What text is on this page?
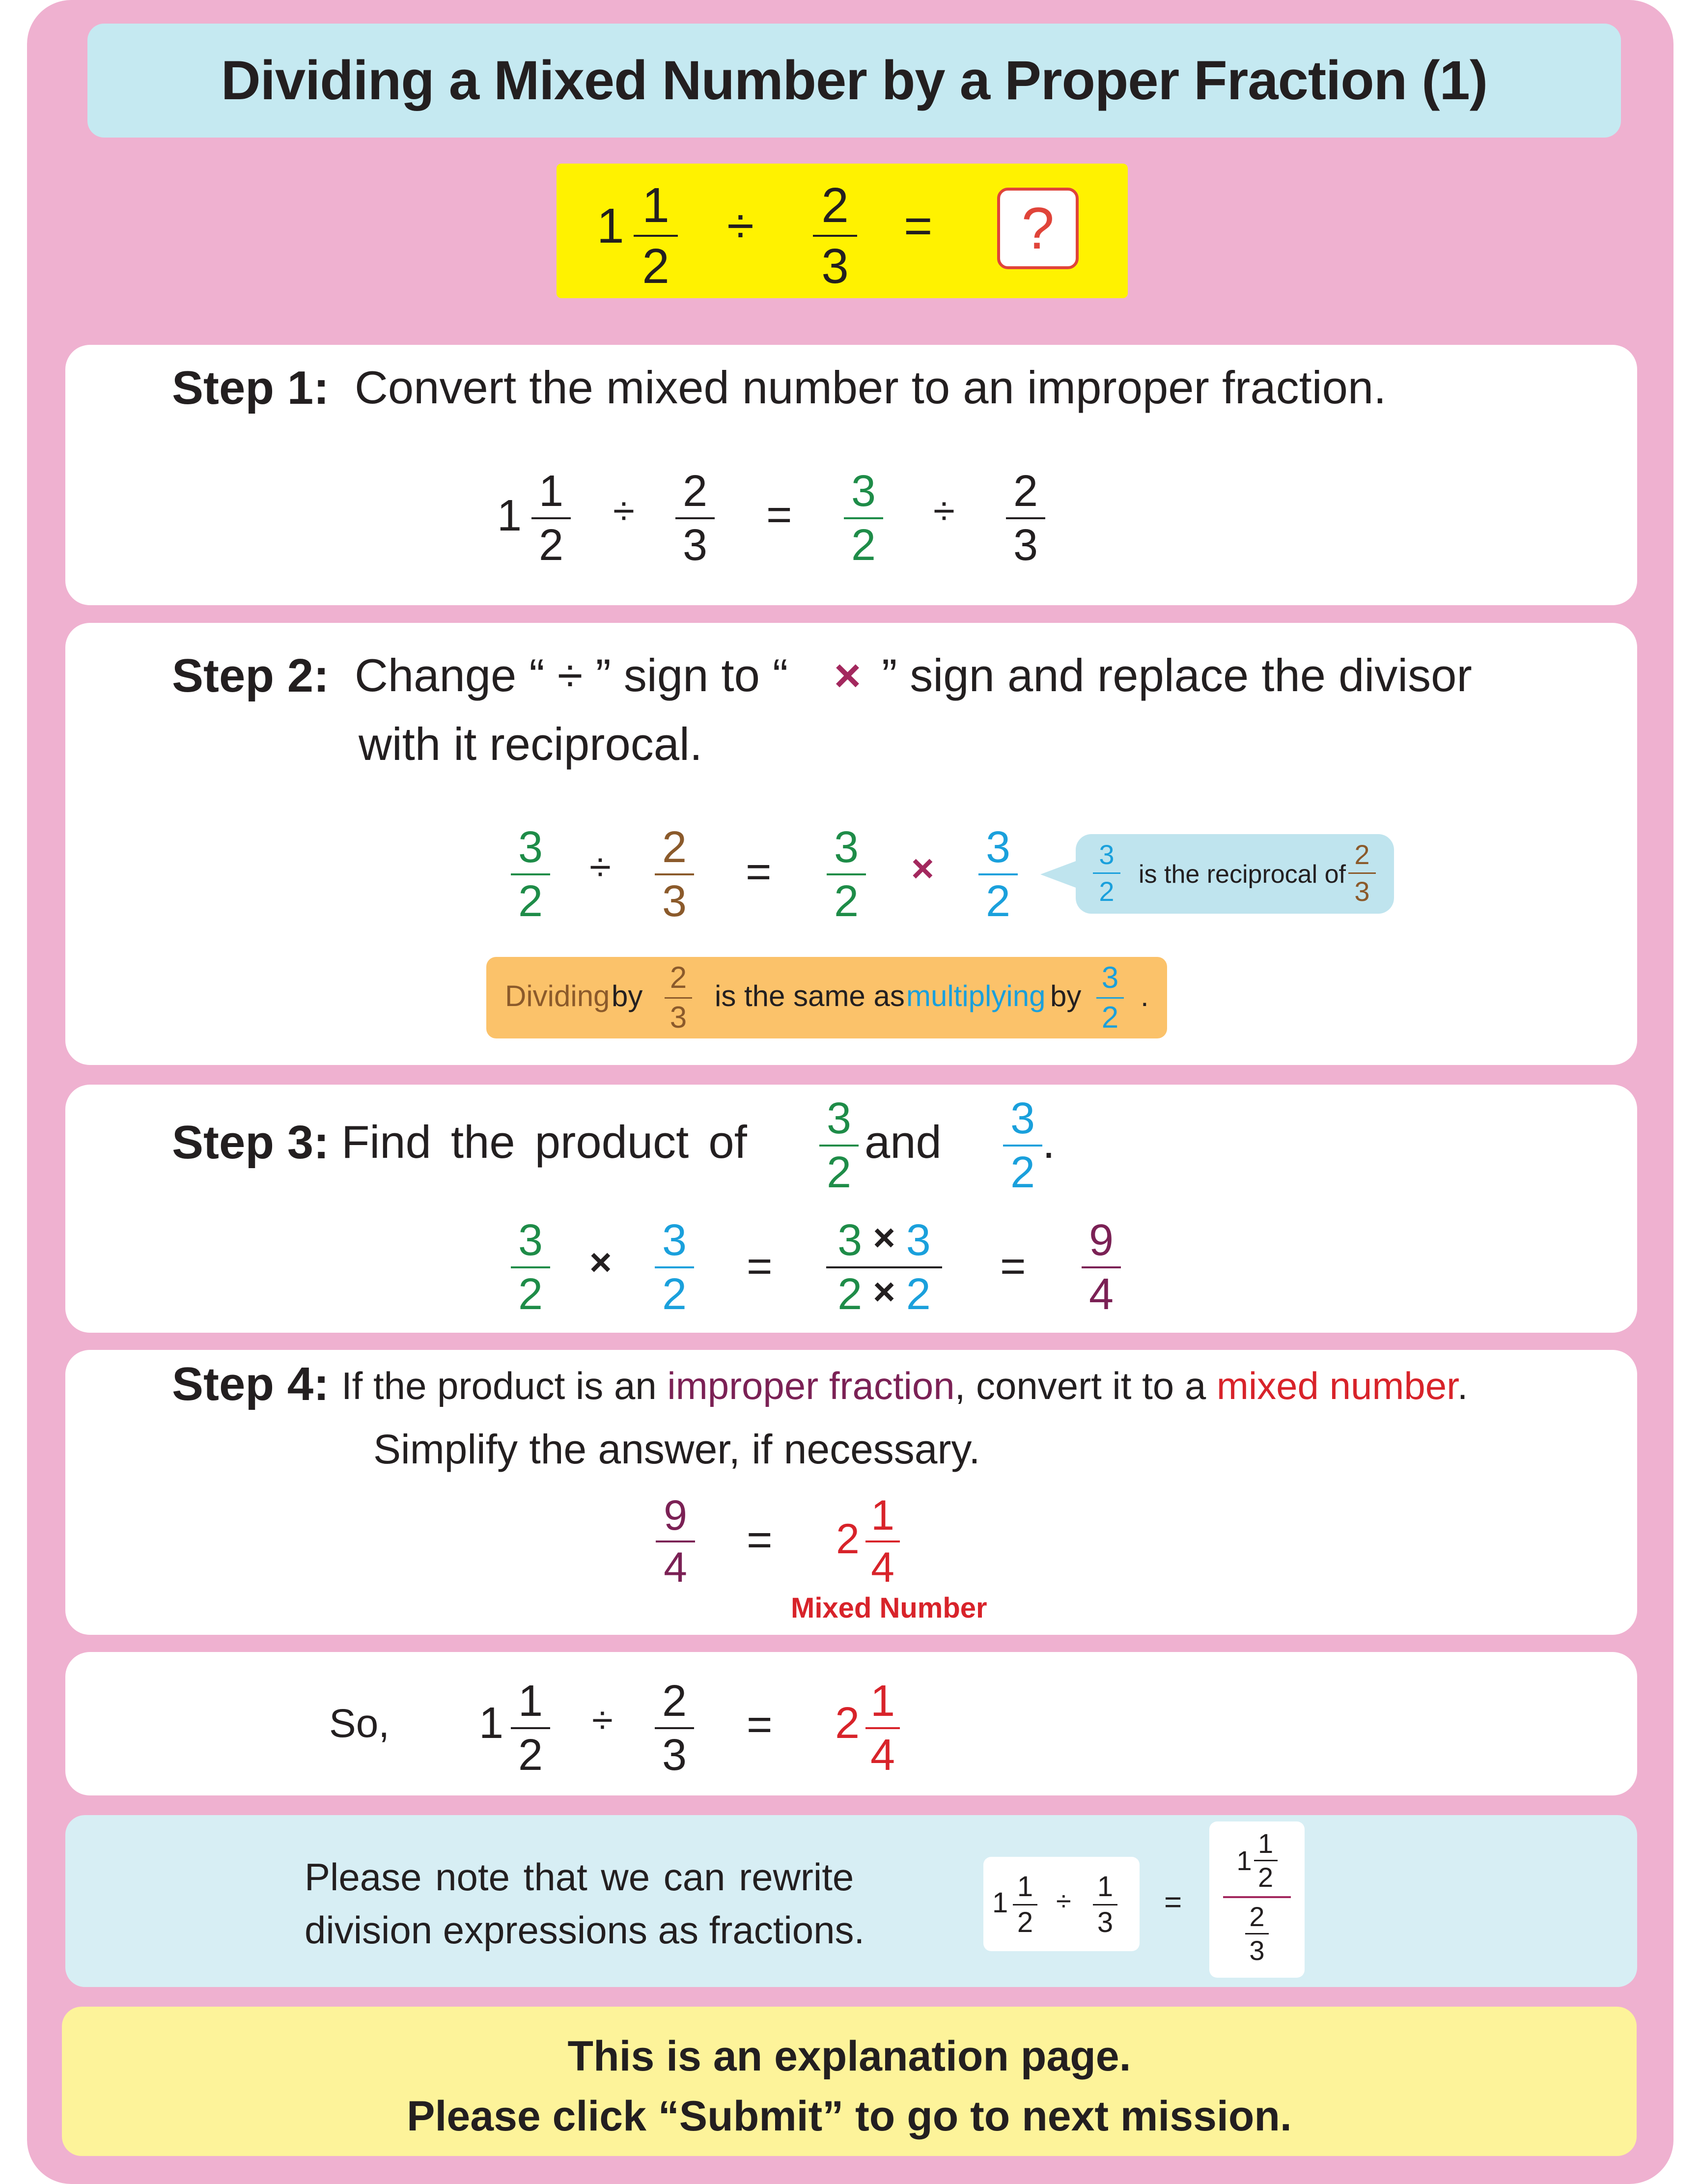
Dividing a Mixed Number by a Proper Fraction (1)
1 1
2
÷ 2
3
=	?
Step 1: Convert the mixed number to an improper fraction.
1 1
2
÷ 2
3
= 3
2
÷ 2
3
Step 2: Change “ ÷ ” sign to “ × ” sign and replace the divisor
with it reciprocal.
3
2
÷ 2
3
= 3
2
× 3
2
3
2
is the reciprocal of
2
3
Dividing by
2
3
is the same as multiplying by
3
2
.
Step 3: Find the product of 3
2
and 3
2
.
3
2
× 3
2
=
3 × 3
2 × 2
=
9
4
Step 4: If the product is an improper fraction, convert it to a mixed number.
Simplify the answer, if necessary.
9
4
= 2 1
4
Mixed Number
So, 1 1
2
÷ 2
3
= 2 1
4
Please note that we can rewrite
division expressions as fractions.
1
1
2
÷ 1
3
=
1
1
2
2
3
This is an explanation page.
Please click “Submit” to go to next mission.
